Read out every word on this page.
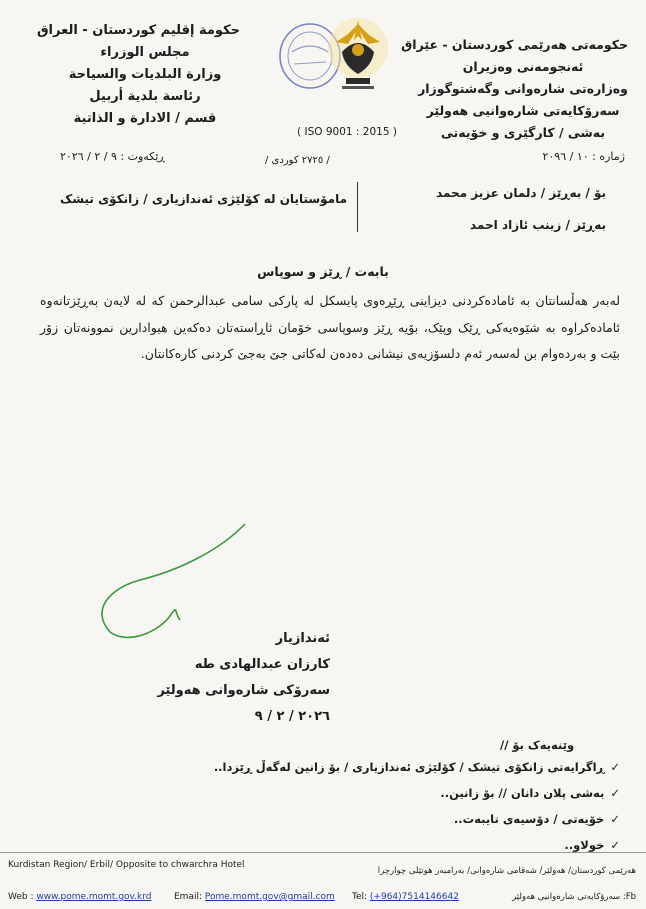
حکومەتی هەرێمی کوردستان - عێراق
ئەنجومەنی وەزیران
وەزارەتی شارەوانی وگەشتوگوزار
سەرۆکایەتی شارەوانیی هەولێر
بەشی / کارگێری و خۆیەتی
حكومة إقليم كوردستان - العراق
مجلس الوزراء
وزارة البلديات والسياحة
رئاسة بلدية أربيل
قسم / الادارة و الذاتية
( ISO 9001 : 2015 )
ڕێکەوت : ٩ / ٢ / ٢٠٢٦	/ ٢٧٢٥ کوردی /	ژمارە : ١٠ / ٢٠٩٦
بۆ / بەڕێز / دلمان عزیز محمد
بەڕێز / زینب ئازاد احمد
مامۆستایان لە کۆلێژی ئەندازیاری / زانکۆی تیشک
بابەت / ڕێز و سوپاس

لەبەر هەڵسانتان بە ئامادەکردنی دیزاینی ڕێڕەوی پایسکل لە پارکی سامی عبدالرحمن کە لە لایەن بەڕێزتانەوە ئامادەکراوە بە شێوەیەکی ڕێک وپێک، بۆیە ڕێز وسوپاسی خۆمان ئاڕاستەتان دەکەین هیوادارین نموونەتان زۆر بێت و بەردەوام بن لەسەر ئەم دلسۆزیەی نیشانی دەدەن لەکاتی جێ بەجێ کردنی کارەکانتان.

ئەندازیار
کارزان عبدالهادی طه
سەرۆکی شارەوانی هەولێر
٢٠٢٦ / ٢ / ٩
وێنەیەک بۆ //
✓ڕاگرایەتی زانکۆی تیشک / کۆلێژی ئەندازیاری / بۆ زانین لەگەڵ ڕێزدا..
✓بەشی پلان دانان // بۆ زانین..
✓خۆیەتی / دۆسیەی تایبەت..
✓خولاو..
Kurdistan Region/ Erbil/ Opposite to chwarchra Hotel
هەرێمی کوردستان/ هەولێر/ شەقامی شارەوانی/ بەرامبەر هوتێلی چوارچرا
Web : www.pome.momt.gov.krd	Email: Pome.momt.gov@gmail.com Tel: (+964)7514146642	Fb: سەرۆکایەتی شارەوانیی هەولێر
